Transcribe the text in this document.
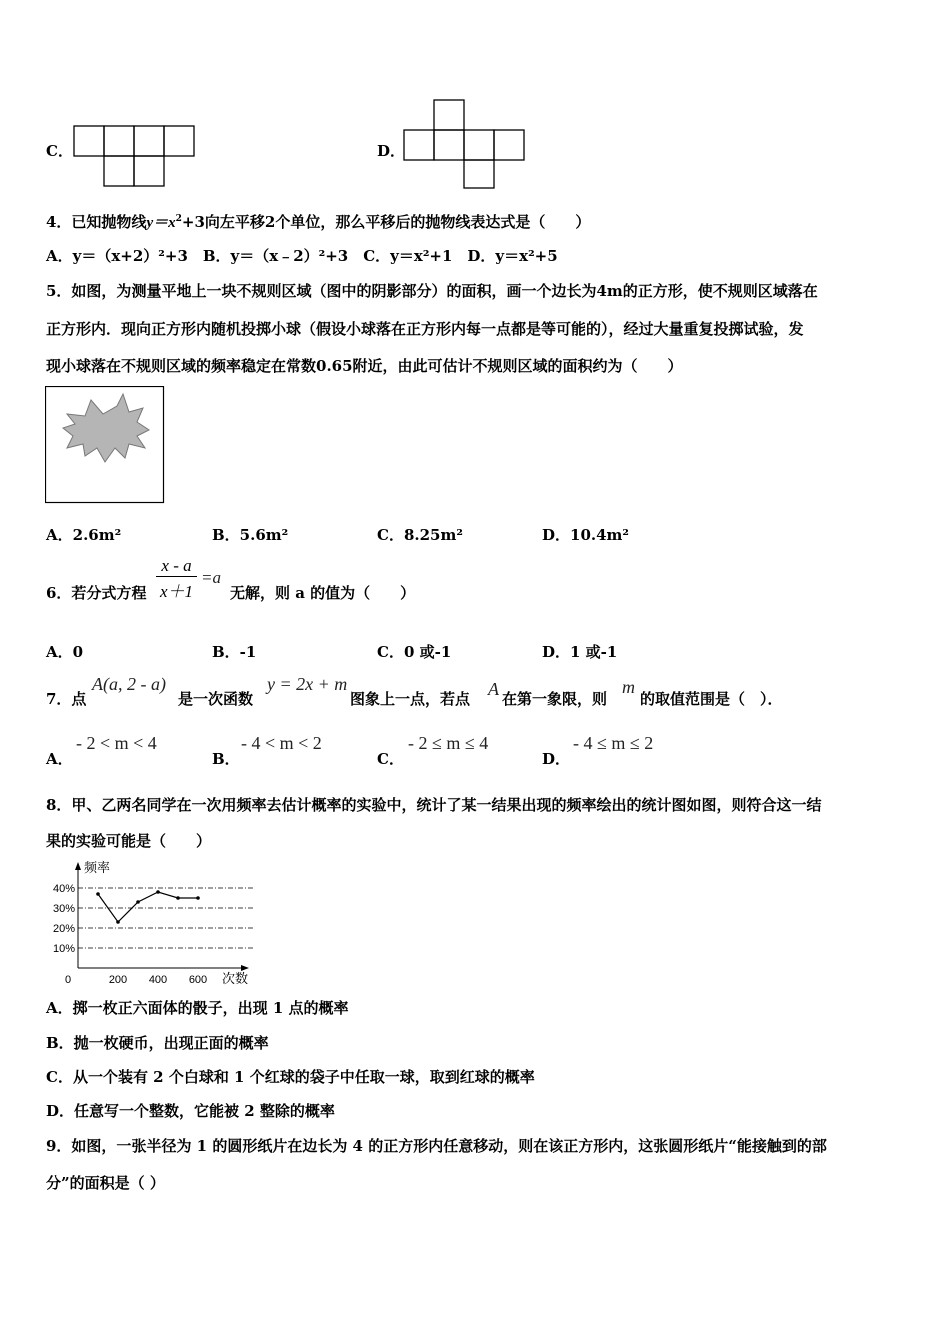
C．	D．
4．已知抛物线$y=x^2+3$向左平移2个单位，那么平移后的抛物线表达式是（　　）
A．y＝（x+2）²+3　B．y＝（x﹣2）²+3　C．y＝x²+1　D．y＝x²+5
5．如图，为测量平地上一块不规则区域（图中的阴影部分）的面积，画一个边长为4m的正方形，使不规则区域落在
正方形内．现向正方形内随机投掷小球（假设小球落在正方形内每一点都是等可能的），经过大量重复投掷试验，发
现小球落在不规则区域的频率稳定在常数0.65附近，由此可估计不规则区域的面积约为（　　）
A．2.6m²	B．5.6m²	C．8.25m²	D．10.4m²
6．若分式方程 $\frac{x - a}{x+1} =a$
无解，则 a 的值为（　　）
A．0	B．-1	C．0 或-1	D．1 或-1
7．点
A(a, 2 - a)
是一次函数
y = 2x + m
图象上一点，若点 A 在第一象限，则
m
的取值范围是（　）．
A．
- 2 < m < 4
B．
- 4 < m < 2
C．
- 2 ≤ m ≤ 4
D．
- 4 ≤ m ≤ 2
8．甲、乙两名同学在一次用频率去估计概率的实验中，统计了某一结果出现的频率绘出的统计图如图，则符合这一结
果的实验可能是（　　）
10%
20%
30%
40%
频率
次数
0	200 400 600
A．掷一枚正六面体的骰子，出现 1 点的概率
B．抛一枚硬币，出现正面的概率
C．从一个装有 2 个白球和 1 个红球的袋子中任取一球，取到红球的概率
D．任意写一个整数，它能被 2 整除的概率
9．如图，一张半径为 1 的圆形纸片在边长为 4 的正方形内任意移动，则在该正方形内，这张圆形纸片“能接触到的部
分”的面积是（ ）
